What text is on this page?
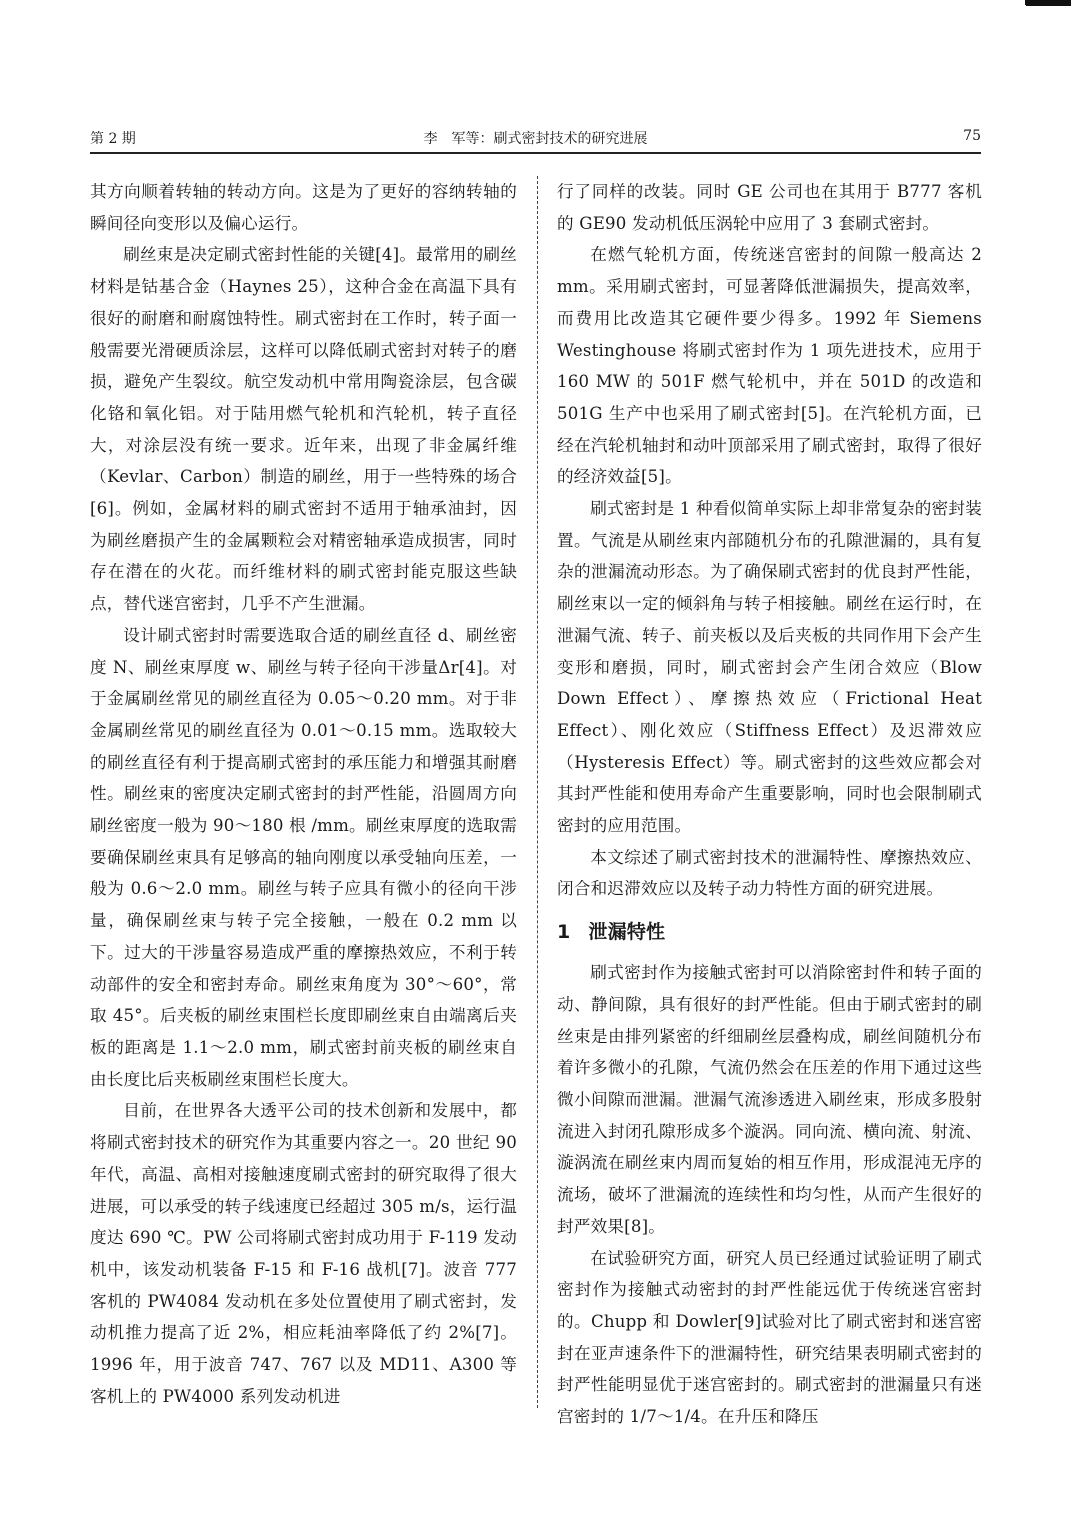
第 2 期	李　军等：刷式密封技术的研究进展	75

其方向顺着转轴的转动方向。这是为了更好的容纳转轴的瞬间径向变形以及偏心运行。

刷丝束是决定刷式密封性能的关键[4]。最常用的刷丝材料是钴基合金（Haynes 25），这种合金在高温下具有很好的耐磨和耐腐蚀特性。刷式密封在工作时，转子面一般需要光滑硬质涂层，这样可以降低刷式密封对转子的磨损，避免产生裂纹。航空发动机中常用陶瓷涂层，包含碳化铬和氧化铝。对于陆用燃气轮机和汽轮机，转子直径大，对涂层没有统一要求。近年来，出现了非金属纤维（Kevlar、Carbon）制造的刷丝，用于一些特殊的场合[6]。例如，金属材料的刷式密封不适用于轴承油封，因为刷丝磨损产生的金属颗粒会对精密轴承造成损害，同时存在潜在的火花。而纤维材料的刷式密封能克服这些缺点，替代迷宫密封，几乎不产生泄漏。

设计刷式密封时需要选取合适的刷丝直径 d、刷丝密度 N、刷丝束厚度 w、刷丝与转子径向干涉量Δr[4]。对于金属刷丝常见的刷丝直径为 0.05～0.20 mm。对于非金属刷丝常见的刷丝直径为 0.01～0.15 mm。选取较大的刷丝直径有利于提高刷式密封的承压能力和增强其耐磨性。刷丝束的密度决定刷式密封的封严性能，沿圆周方向刷丝密度一般为 90～180 根 /mm。刷丝束厚度的选取需要确保刷丝束具有足够高的轴向刚度以承受轴向压差，一般为 0.6～2.0 mm。刷丝与转子应具有微小的径向干涉量，确保刷丝束与转子完全接触，一般在 0.2 mm 以下。过大的干涉量容易造成严重的摩擦热效应，不利于转动部件的安全和密封寿命。刷丝束角度为 30°～60°，常取 45°。后夹板的刷丝束围栏长度即刷丝束自由端离后夹板的距离是 1.1～2.0 mm，刷式密封前夹板的刷丝束自由长度比后夹板刷丝束围栏长度大。

目前，在世界各大透平公司的技术创新和发展中，都将刷式密封技术的研究作为其重要内容之一。20 世纪 90 年代，高温、高相对接触速度刷式密封的研究取得了很大进展，可以承受的转子线速度已经超过 305 m/s，运行温度达 690 ℃。PW 公司将刷式密封成功用于 F-119 发动机中，该发动机装备 F-15 和 F-16 战机[7]。波音 777 客机的 PW4084 发动机在多处位置使用了刷式密封，发动机推力提高了近 2%，相应耗油率降低了约 2%[7]。1996 年，用于波音 747、767 以及 MD11、A300 等客机上的 PW4000 系列发动机进

行了同样的改装。同时 GE 公司也在其用于 B777 客机的 GE90 发动机低压涡轮中应用了 3 套刷式密封。

在燃气轮机方面，传统迷宫密封的间隙一般高达 2 mm。采用刷式密封，可显著降低泄漏损失，提高效率，而费用比改造其它硬件要少得多。1992 年 Siemens Westinghouse 将刷式密封作为 1 项先进技术，应用于 160 MW 的 501F 燃气轮机中，并在 501D 的改造和 501G 生产中也采用了刷式密封[5]。在汽轮机方面，已经在汽轮机轴封和动叶顶部采用了刷式密封，取得了很好的经济效益[5]。

刷式密封是 1 种看似简单实际上却非常复杂的密封装置。气流是从刷丝束内部随机分布的孔隙泄漏的，具有复杂的泄漏流动形态。为了确保刷式密封的优良封严性能，刷丝束以一定的倾斜角与转子相接触。刷丝在运行时，在泄漏气流、转子、前夹板以及后夹板的共同作用下会产生变形和磨损，同时，刷式密封会产生闭合效应（Blow Down Effect）、摩擦热效应（Frictional Heat Effect）、刚化效应（Stiffness Effect）及迟滞效应（Hysteresis Effect）等。刷式密封的这些效应都会对其封严性能和使用寿命产生重要影响，同时也会限制刷式密封的应用范围。

本文综述了刷式密封技术的泄漏特性、摩擦热效应、闭合和迟滞效应以及转子动力特性方面的研究进展。

1 泄漏特性

刷式密封作为接触式密封可以消除密封件和转子面的动、静间隙，具有很好的封严性能。但由于刷式密封的刷丝束是由排列紧密的纤细刷丝层叠构成，刷丝间随机分布着许多微小的孔隙，气流仍然会在压差的作用下通过这些微小间隙而泄漏。泄漏气流渗透进入刷丝束，形成多股射流进入封闭孔隙形成多个漩涡。同向流、横向流、射流、漩涡流在刷丝束内周而复始的相互作用，形成混沌无序的流场，破坏了泄漏流的连续性和均匀性，从而产生很好的封严效果[8]。

在试验研究方面，研究人员已经通过试验证明了刷式密封作为接触式动密封的封严性能远优于传统迷宫密封的。Chupp 和 Dowler[9]试验对比了刷式密封和迷宫密封在亚声速条件下的泄漏特性，研究结果表明刷式密封的封严性能明显优于迷宫密封的。刷式密封的泄漏量只有迷宫密封的 1/7～1/4。在升压和降压
